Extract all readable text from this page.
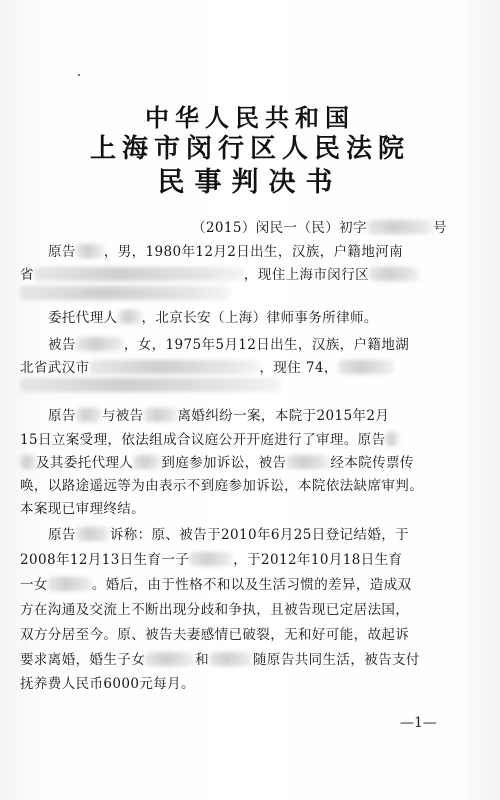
中华人民共和国
上海市闵行区人民法院
民事判决书
（2015）闵民一（民）初字	号
原告 ，男，1980年12月2日出生，汉族，户籍地河南
省	，现住上海市闵行区
委托代理人 ，北京长安（上海）律师事务所律师。
被告	，女，1975年5月12日出生，汉族，户籍地湖
北省武汉市	，现住 74，
原告 与被告	离婚纠纷一案，本院于2015年2月
15日立案受理，依法组成合议庭公开开庭进行了审理。原告
及其委托代理人 到庭参加诉讼，被告	经本院传票传
唤，以路途遥远等为由表示不到庭参加诉讼，本院依法缺席审判。
本案现已审理终结。
原告	诉称：原、被告于2010年6月25日登记结婚，于
2008年12月13日生育一子	，于2012年10月18日生育
一女	。婚后，由于性格不和以及生活习惯的差异，造成双
方在沟通及交流上不断出现分歧和争执，且被告现已定居法国，
双方分居至今。原、被告夫妻感情已破裂，无和好可能，故起诉
要求离婚，婚生子女	和	随原告共同生活，被告支付
抚养费人民币6000元每月。
—1—
